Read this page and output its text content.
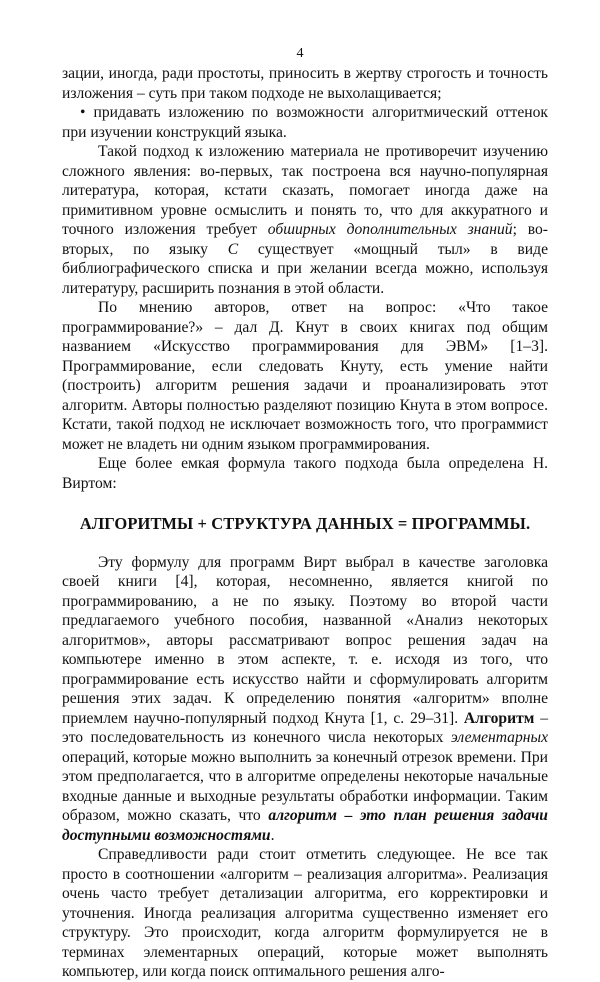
4

зации, иногда, ради простоты, приносить в жертву строгость и точность изложения – суть при таком подходе не выхолащивается;

• придавать изложению по возможности алгоритмический оттенок при изучении конструкций языка.

Такой подход к изложению материала не противоречит изучению сложного явления: во-первых, так построена вся научно-популярная литература, которая, кстати сказать, помогает иногда даже на примитивном уровне осмыслить и понять то, что для аккуратного и точного изложения требует обширных дополнительных знаний; во-вторых, по языку С существует «мощный тыл» в виде библиографического списка и при желании всегда можно, используя литературу, расширить познания в этой области.

По мнению авторов, ответ на вопрос: «Что такое программирование?» – дал Д. Кнут в своих книгах под общим названием «Искусство программирования для ЭВМ» [1–3]. Программирование, если следовать Кнуту, есть умение найти (построить) алгоритм решения задачи и проанализировать этот алгоритм. Авторы полностью разделяют позицию Кнута в этом вопросе. Кстати, такой подход не исключает возможность того, что программист может не владеть ни одним языком программирования.

Еще более емкая формула такого подхода была определена Н. Виртом:

АЛГОРИТМЫ + СТРУКТУРА ДАННЫХ = ПРОГРАММЫ.

Эту формулу для программ Вирт выбрал в качестве заголовка своей книги [4], которая, несомненно, является книгой по программированию, а не по языку. Поэтому во второй части предлагаемого учебного пособия, названной «Анализ некоторых алгоритмов», авторы рассматривают вопрос решения задач на компьютере именно в этом аспекте, т. е. исходя из того, что программирование есть искусство найти и сформулировать алгоритм решения этих задач. К определению понятия «алгоритм» вполне приемлем научно-популярный подход Кнута [1, с. 29–31]. Алгоритм – это последовательность из конечного числа некоторых элементарных операций, которые можно выполнить за конечный отрезок времени. При этом предполагается, что в алгоритме определены некоторые начальные входные данные и выходные результаты обработки информации. Таким образом, можно сказать, что алгоритм – это план решения задачи доступными возможностями.

Справедливости ради стоит отметить следующее. Не все так просто в соотношении «алгоритм – реализация алгоритма». Реализация очень часто требует детализации алгоритма, его корректировки и уточнения. Иногда реализация алгоритма существенно изменяет его структуру. Это происходит, когда алгоритм формулируется не в терминах элементарных операций, которые может выполнять компьютер, или когда поиск оптимального решения алго-
